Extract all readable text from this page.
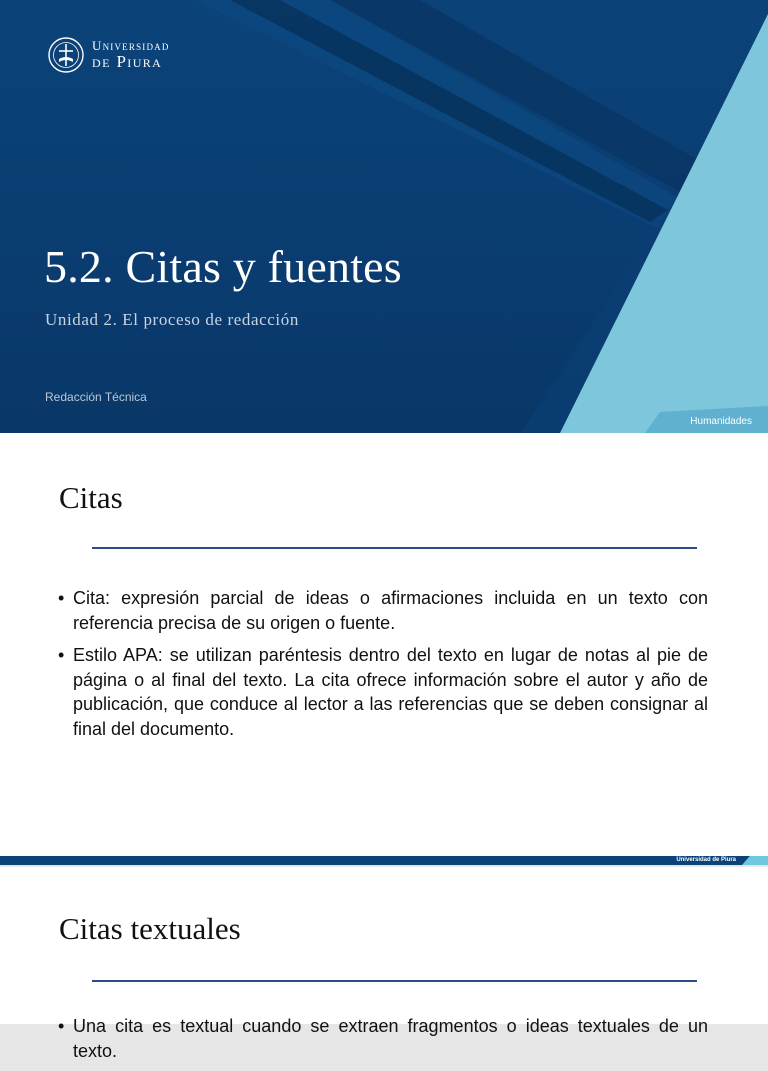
Universidad
de Piura
5.2. Citas y fuentes
Unidad 2. El proceso de redacción
Redacción Técnica
Humanidades
Citas
• Cita: expresión parcial de ideas o afirmaciones incluida en un texto con referencia precisa de su origen o fuente.
• Estilo APA: se utilizan paréntesis dentro del texto en lugar de notas al pie de página o al final del texto. La cita ofrece información sobre el autor y año de publicación, que conduce al lector a las referencias que se deben consignar al final del documento.
Universidad de Piura
Citas textuales
• Una cita es textual cuando se extraen fragmentos o ideas textuales de un texto.
